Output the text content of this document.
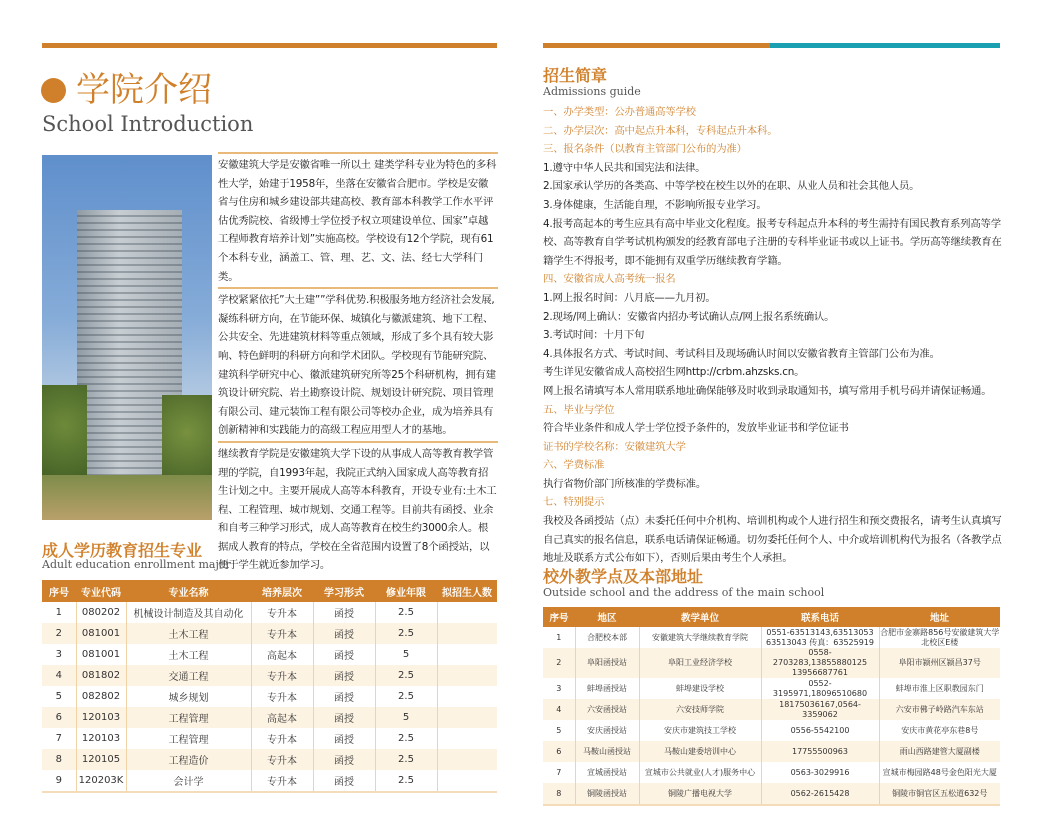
学院介绍
School Introduction

安徽建筑大学是安徽省唯一所以土 建类学科专业为特色的多科性大学，始建于1958年，坐落在安徽省合肥市。学校是安徽省与住房和城乡建设部共建高校、教育部本科教学工作水平评估优秀院校、省级博士学位授予权立项建设单位、国家”卓越工程师教育培养计划”实施高校。学校设有12个学院，现有61个本科专业，涵盖工、管、理、艺、文、法、经七大学科门类。

学校紧紧依托”大土建””学科优势.积极服务地方经济社会发展,凝练科研方向，在节能环保、城镇化与徽派建筑、地下工程、公共安全、先进建筑材料等重点领域，形成了多个具有较大影响、特色鲜明的科研方向和学术团队。学校现有节能研究院、建筑科学研究中心、徽派建筑研究所等25个科研机构，拥有建筑设计研究院、岩土勘察设计院、规划设计研究院、项目管理有限公司、建元装饰工程有限公司等校办企业，成为培养具有创新精神和实践能力的高级工程应用型人才的基地。

继续教育学院是安徽建筑大学下设的从事成人高等教育教学管理的学院，自1993年起，我院正式纳入国家成人高等教育招生计划之中。主要开展成人高等本科教育，开设专业有:土木工程、工程管理、城市规划、交通工程等。目前共有函授、业余和自考三种学习形式，成人高等教育在校生约3000余人。根据成人教育的特点，学校在全省范围内设置了8个函授站，以便于学生就近参加学习。

成人学历教育招生专业
Adult education enrollment major
序号	专业代码	专业名称	培养层次	学习形式	修业年限	拟招生人数
1	080202	机械设计制造及其自动化	专升本	函授	2.5	
2	081001	土木工程	专升本	函授	2.5	
3	081001	土木工程	高起本	函授	5	
4	081802	交通工程	专升本	函授	2.5	
5	082802	城乡规划	专升本	函授	2.5	
6	120103	工程管理	高起本	函授	5	
7	120103	工程管理	专升本	函授	2.5	
8	120105	工程造价	专升本	函授	2.5	
9	120203K	会计学	专升本	函授	2.5	
招生简章
Admissions guide
一、办学类型：公办普通高等学校
二、办学层次：高中起点升本科，专科起点升本科。
三、报名条件（以教育主管部门公布的为准）
1.遵守中华人民共和国宪法和法律。
2.国家承认学历的各类高、中等学校在校生以外的在职、从业人员和社会其他人员。
3.身体健康，生活能自理，不影响所报专业学习。
4.报考高起本的考生应具有高中毕业文化程度。报考专科起点升本科的考生需持有国民教育系列高等学校、高等教育自学考试机构颁发的经教育部电子注册的专科毕业证书或以上证书。学历高等继续教育在籍学生不得报考，即不能拥有双重学历继续教育学籍。
四、安徽省成人高考统一报名
1.网上报名时间：八月底——九月初。
2.现场/网上确认：安徽省内招办考试确认点/网上报名系统确认。
3.考试时间：十月下旬
4.具体报名方式、考试时间、考试科目及现场确认时间以安徽省教育主管部门公布为准。
考生详见安徽省成人高校招生网http://crbm.ahzsks.cn。
网上报名请填写本人常用联系地址确保能够及时收到录取通知书，填写常用手机号码并请保证畅通。
五、毕业与学位
符合毕业条件和成人学士学位授予条件的，发放毕业证书和学位证书
证书的学校名称：安徽建筑大学
六、学费标准
执行省物价部门所核准的学费标准。
七、特别提示
我校及各函授站（点）未委托任何中介机构、培训机构或个人进行招生和预交费报名，请考生认真填写自己真实的报名信息，联系电话请保证畅通。切勿委托任何个人、中介或培训机构代为报名（各教学点地址及联系方式公布如下），否则后果由考生个人承担。
校外教学点及本部地址
Outside school and the address of the main school
序号	地区	教学单位	联系电话	地址
1	合肥校本部	安徽建筑大学继续教育学院	0551-63513143,63513053 63513043 传真：63525919	合肥市金寨路856号安徽建筑大学北校区E楼
2	阜阳函授站	阜阳工业经济学校	0558-2703283,13855880125 13956687761	阜阳市颍州区颍昌37号
3	蚌埠函授站	蚌埠建设学校	0552-3195971,18096510680	蚌埠市淮上区职教园东门
4	六安函授站	六安技师学院	18175036167,0564-3359062	六安市佛子岭路汽车东站
5	安庆函授站	安庆市建筑技工学校	0556-5542100	安庆市黄花亭东巷8号
6	马鞍山函授站	马鞍山建委培训中心	17755500963	雨山西路建管大厦副楼
7	宣城函授站	宣城市公共就业(人才)服务中心	0563-3029916	宣城市梅园路48号金色阳光大厦
8	铜陵函授站	铜陵广播电视大学	0562-2615428	铜陵市铜官区五松道632号
